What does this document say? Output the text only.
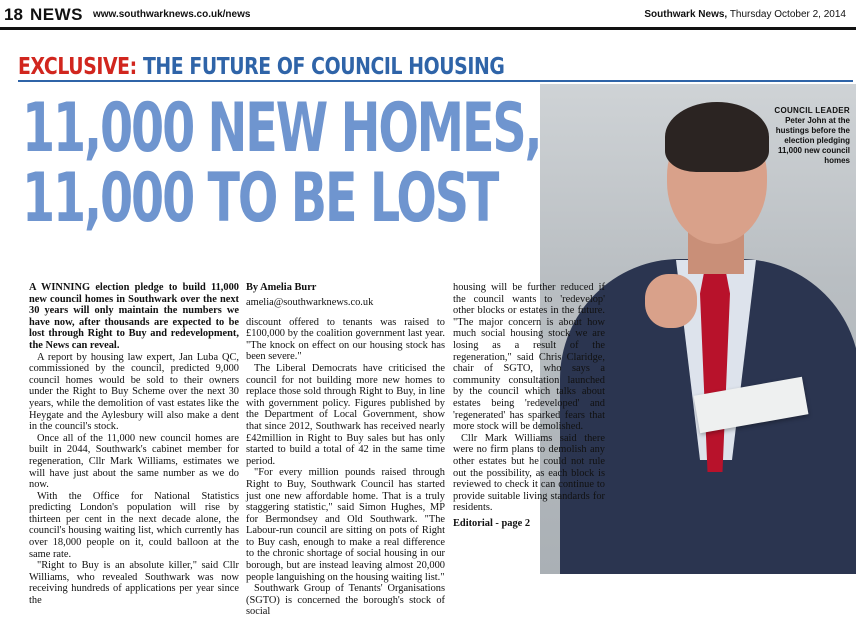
18 NEWS www.southwarknews.co.uk/news	Southwark News, Thursday October 2, 2014
EXCLUSIVE: THE FUTURE OF COUNCIL HOUSING
COUNCIL LEADER
Peter John at the hustings before the election pledging 11,000 new council homes
11,000 NEW HOMES,
11,000 TO BE LOST

A WINNING election pledge to build 11,000 new council homes in Southwark over the next 30 years will only maintain the numbers we have now, after thousands are expected to be lost through Right to Buy and redevelopment, the News can reveal.

A report by housing law expert, Jan Luba QC, commissioned by the council, predicted 9,000 council homes would be sold to their owners under the Right to Buy Scheme over the next 30 years, while the demolition of vast estates like the Heygate and the Aylesbury will also make a dent in the council's stock.

Once all of the 11,000 new council homes are built in 2044, Southwark's cabinet member for regeneration, Cllr Mark Williams, estimates we will have just about the same number as we do now.

With the Office for National Statistics predicting London's population will rise by thirteen per cent in the next decade alone, the council's housing waiting list, which currently has over 18,000 people on it, could balloon at the same rate.

"Right to Buy is an absolute killer," said Cllr Williams, who revealed Southwark was now receiving hundreds of applications per year since the

By Amelia Burr
amelia@southwarknews.co.uk

discount offered to tenants was raised to £100,000 by the coalition government last year. "The knock on effect on our housing stock has been severe."

The Liberal Democrats have criticised the council for not building more new homes to replace those sold through Right to Buy, in line with government policy. Figures published by the Department of Local Government, show that since 2012, Southwark has received nearly £42million in Right to Buy sales but has only started to build a total of 42 in the same time period.

"For every million pounds raised through Right to Buy, Southwark Council has started just one new affordable home. That is a truly staggering statistic," said Simon Hughes, MP for Bermondsey and Old Southwark. "The Labour-run council are sitting on pots of Right to Buy cash, enough to make a real difference to the chronic shortage of social housing in our borough, but are instead leaving almost 20,000 people languishing on the housing waiting list."

Southwark Group of Tenants' Organisations (SGTO) is concerned the borough's stock of social

housing will be further reduced if the council wants to 'redevelop' other blocks or estates in the future. "The major concern is about how much social housing stock we are losing as a result of the regeneration," said Chris Claridge, chair of SGTO, who says a community consultation launched by the council which talks about estates being 'redeveloped' and 'regenerated' has sparked fears that more stock will be demolished.

Cllr Mark Williams said there were no firm plans to demolish any other estates but he could not rule out the possibility, as each block is reviewed to check it can continue to provide suitable living standards for residents.

Editorial - page 2
